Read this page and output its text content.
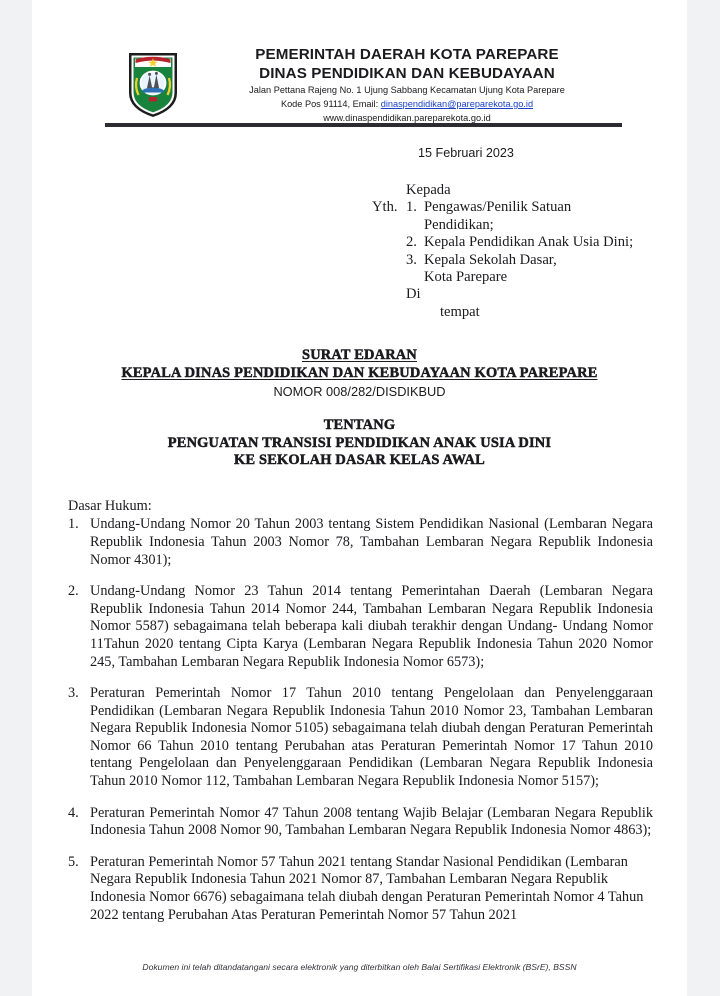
PEMERINTAH DAERAH KOTA PAREPARE
DINAS PENDIDIKAN DAN KEBUDAYAAN
Jalan Pettana Rajeng No. 1 Ujung Sabbang Kecamatan Ujung Kota Parepare
Kode Pos 91114, Email: dinaspendidikan@pareparekota.go.id
www.dinaspendidikan.pareparekota.go.id
15 Februari 2023
Kepada
Yth. 1. Pengawas/Penilik Satuan
Pendidikan;
2. Kepala Pendidikan Anak Usia Dini;
3. Kepala Sekolah Dasar,
Kota Parepare
Di
tempat
SURAT EDARAN
KEPALA DINAS PENDIDIKAN DAN KEBUDAYAAN KOTA PAREPARE
NOMOR 008/282/DISDIKBUD
TENTANG
PENGUATAN TRANSISI PENDIDIKAN ANAK USIA DINI
KE SEKOLAH DASAR KELAS AWAL
Dasar Hukum:
1. Undang-Undang Nomor 20 Tahun 2003 tentang Sistem Pendidikan Nasional (Lembaran Negara Republik Indonesia Tahun 2003 Nomor 78, Tambahan Lembaran Negara Republik Indonesia Nomor 4301);
2. Undang-Undang Nomor 23 Tahun 2014 tentang Pemerintahan Daerah (Lembaran Negara Republik Indonesia Tahun 2014 Nomor 244, Tambahan Lembaran Negara Republik Indonesia Nomor 5587) sebagaimana telah beberapa kali diubah terakhir dengan Undang- Undang Nomor 11Tahun 2020 tentang Cipta Karya (Lembaran Negara Republik Indonesia Tahun 2020 Nomor 245, Tambahan Lembaran Negara Republik Indonesia Nomor 6573);
3. Peraturan Pemerintah Nomor 17 Tahun 2010 tentang Pengelolaan dan Penyelenggaraan Pendidikan (Lembaran Negara Republik Indonesia Tahun 2010 Nomor 23, Tambahan Lembaran Negara Republik Indonesia Nomor 5105) sebagaimana telah diubah dengan Peraturan Pemerintah Nomor 66 Tahun 2010 tentang Perubahan atas Peraturan Pemerintah Nomor 17 Tahun 2010 tentang Pengelolaan dan Penyelenggaraan Pendidikan (Lembaran Negara Republik Indonesia Tahun 2010 Nomor 112, Tambahan Lembaran Negara Republik Indonesia Nomor 5157);
4. Peraturan Pemerintah Nomor 47 Tahun 2008 tentang Wajib Belajar (Lembaran Negara Republik Indonesia Tahun 2008 Nomor 90, Tambahan Lembaran Negara Republik Indonesia Nomor 4863);
5. Peraturan Pemerintah Nomor 57 Tahun 2021 tentang Standar Nasional Pendidikan (Lembaran Negara Republik Indonesia Tahun 2021 Nomor 87, Tambahan Lembaran Negara Republik Indonesia Nomor 6676) sebagaimana telah diubah dengan Peraturan Pemerintah Nomor 4 Tahun 2022 tentang Perubahan Atas Peraturan Pemerintah Nomor 57 Tahun 2021
Dokumen ini telah ditandatangani secara elektronik yang diterbitkan oleh Balai Sertifikasi Elektronik (BSrE), BSSN
